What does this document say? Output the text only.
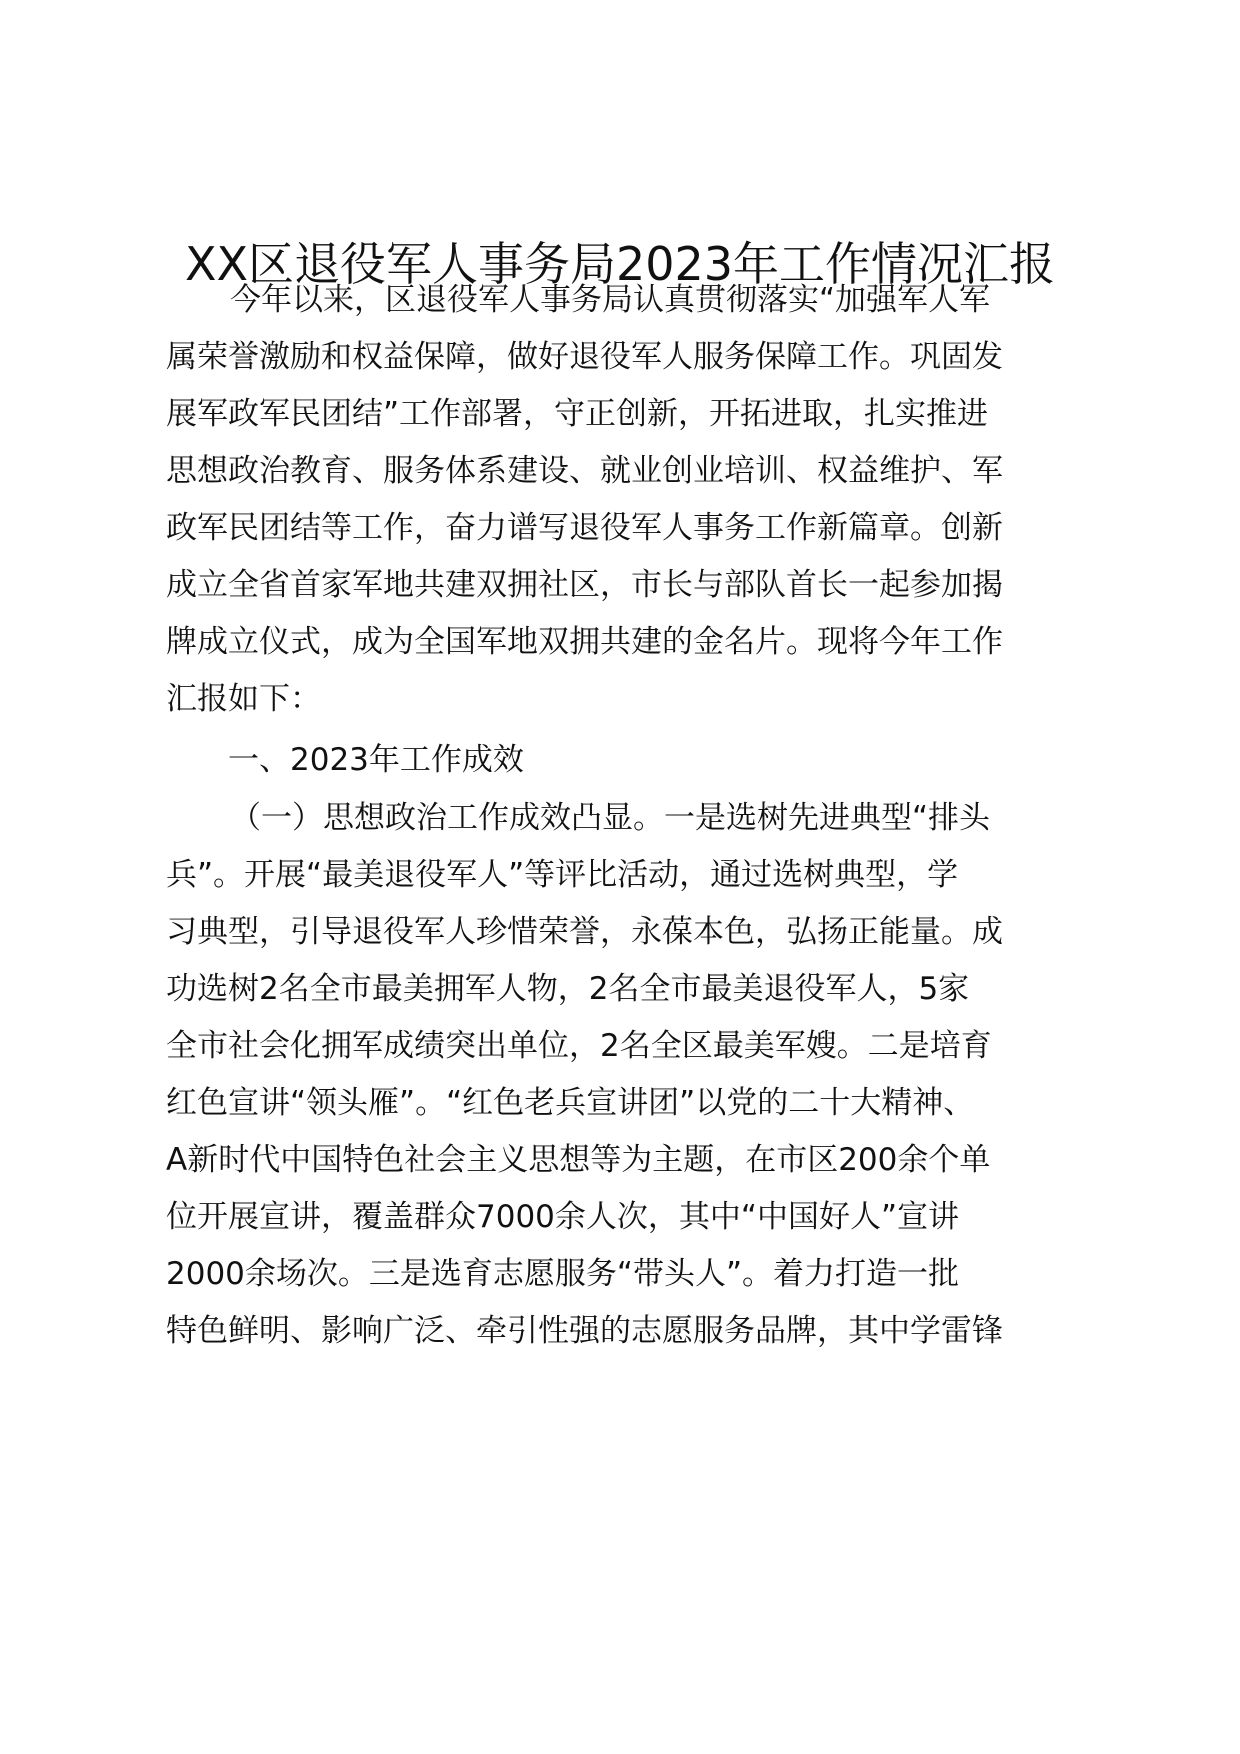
XX区退役军人事务局2023年工作情况汇报

今年以来，区退役军人事务局认真贯彻落实“加强军人军

属荣誉激励和权益保障，做好退役军人服务保障工作。巩固发

展军政军民团结”工作部署，守正创新，开拓进取，扎实推进

思想政治教育、服务体系建设、就业创业培训、权益维护、军

政军民团结等工作，奋力谱写退役军人事务工作新篇章。创新

成立全省首家军地共建双拥社区，市长与部队首长一起参加揭

牌成立仪式，成为全国军地双拥共建的金名片。现将今年工作

汇报如下：

一、2023年工作成效

（一）思想政治工作成效凸显。一是选树先进典型“排头

兵”。开展“最美退役军人”等评比活动，通过选树典型，学

习典型，引导退役军人珍惜荣誉，永葆本色，弘扬正能量。成

功选树2名全市最美拥军人物，2名全市最美退役军人，5家

全市社会化拥军成绩突出单位，2名全区最美军嫂。二是培育

红色宣讲“领头雁”。“红色老兵宣讲团”以党的二十大精神、

A新时代中国特色社会主义思想等为主题，在市区200余个单

位开展宣讲，覆盖群众7000余人次，其中“中国好人”宣讲

2000余场次。三是选育志愿服务“带头人”。着力打造一批

特色鲜明、影响广泛、牵引性强的志愿服务品牌，其中学雷锋
